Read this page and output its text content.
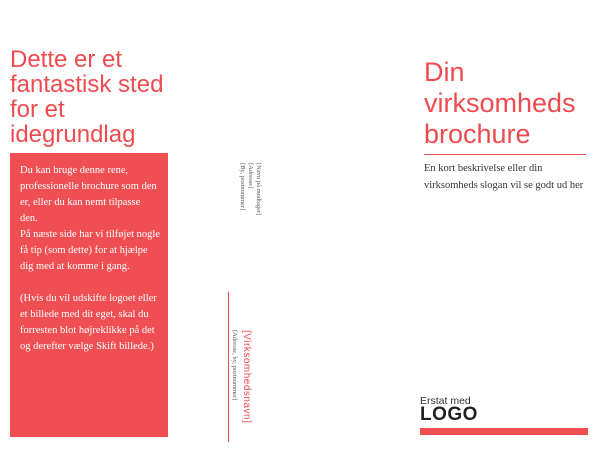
Dette er et fantastisk sted for et idegrundlag

Du kan bruge denne rene, professionelle brochure som den er, eller du kan nemt tilpasse den.

På næste side har vi tilføjet nogle få tip (som dette) for at hjælpe dig med at komme i gang.

(Hvis du vil udskifte logoet eller et billede med dit eget, skal du forresten blot højreklikke på det og derefter vælge Skift billede.)

[Navn på modtager]
[Adresse]
[By, postnummer]
[Virksomhedsnavn]
[Adresse, by, postnummer]
Din virksomheds brochure
En kort beskrivelse eller din virksomheds slogan vil se godt ud her
Erstat med
LOGO
